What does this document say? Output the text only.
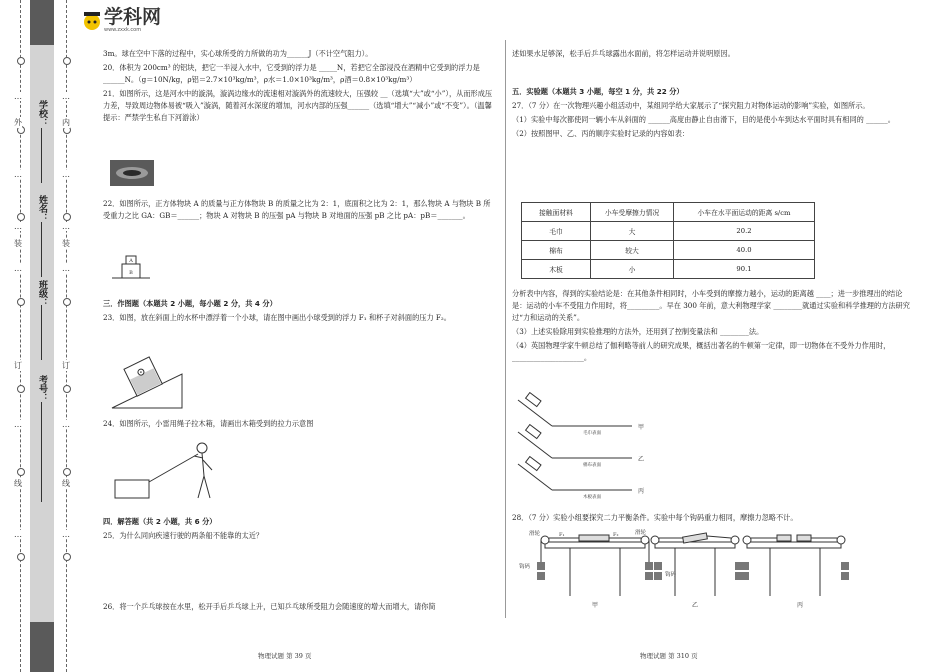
…
外
…
…
装
…
订
…
线
…
…
内
…
…
装
…
订
…
线
…
学校：
姓名：
班级：
考号：
学科网
www.zxxk.com

3m。球在空中下落的过程中，实心球所受的力所做的功为______J（不计空气阻力）。

20．体积为 200cm³ 的铝块，把它一半浸入水中，它受到的浮力是 _____N，若把它全部浸没在酒精中它受到的浮力是 ______N。（g＝10N/kg，ρ铝＝2.7×10³kg/m³，ρ水＝1.0×10³kg/m³，ρ酒＝0.8×10³kg/m³）

21．如图所示，这是河水中的漩涡，漩涡边缘水的流速相对漩涡外的流速较大，压强较 __（选填“大”或“小”），从而形成压力差，导致周边物体易被“吸入”漩涡，随着河水深度的增加，河水内部的压强______（选填“增大”“减小”或“不变”）。（温馨提示：严禁学生私自下河游泳）

22．如图所示，正方体物块 A 的质量与正方体物块 B 的质量之比为 2：1，底面积之比为 2：1，那么物块 A 与物块 B 所受重力之比 GA：GB＝______；物块 A 对物块 B 的压强 pA 与物块 B 对地面的压强 pB 之比 pA：pB＝_______。

A
B

三．作图题（本题共 2 小题，每小题 2 分，共 4 分）

23．如图，放在斜面上的水杯中漂浮着一个小球，请在图中画出小球受到的浮力 F₁ 和杯子对斜面的压力 F₂。

24．如图所示，小雷用绳子拉木箱，请画出木箱受到的拉力示意图

四．解答题（共 2 小题，共 6 分）

25．为什么同向疾速行驶的两条船不能靠的太近？

26．将一个乒乓球按在水里，松开手后乒乓球上升，已知乒乓球所受阻力会随速度的增大而增大，请你简

物理试题 第 39 页

述如果水足够深，松手后乒乓球露出水面前，将怎样运动并说明原因。

五．实验题（本题共 3 小题，每空 1 分，共 22 分）

27．（7 分）在一次物理兴趣小组活动中，某组同学给大家展示了“探究阻力对物体运动的影响”实验，如图所示。

（1）实验中每次都使同一辆小车从斜面的 ______高度由静止自由滑下，目的是使小车到达水平面时具有相同的 ______。

（2）按照图甲、乙、丙的顺序实验时记录的内容如表：

接触面材料	小车受摩擦力情况	小车在水平面运动的距离 s/cm
毛巾	大	20.2
棉布	较大	40.0
木板	小	90.1

分析表中内容，得到的实验结论是：在其他条件相同时，小车受到的摩擦力越小，运动的距离越 ____；进一步推理出的结论是：运动的小车不受阻力作用时，将_________。早在 300 年前，意大利物理学家 ________就通过实验和科学推理的方法研究过“力和运动的关系”。

（3）上述实验除用到实验推理的方法外，还用到了控制变量法和 ________法。

（4）英国物理学家牛顿总结了伽利略等前人的研究成果，概括出著名的牛顿第一定律，即一切物体在不受外力作用时，____________________。

毛巾表面
甲
棉布表面
乙
木板表面
丙

28．（7 分）实验小组要探究二力平衡条件。实验中每个钩码重力相同，摩擦力忽略不计。

滑轮	滑轮
钩码
F₁	F₂
甲
钩码
乙	丙
物理试题 第 310 页
